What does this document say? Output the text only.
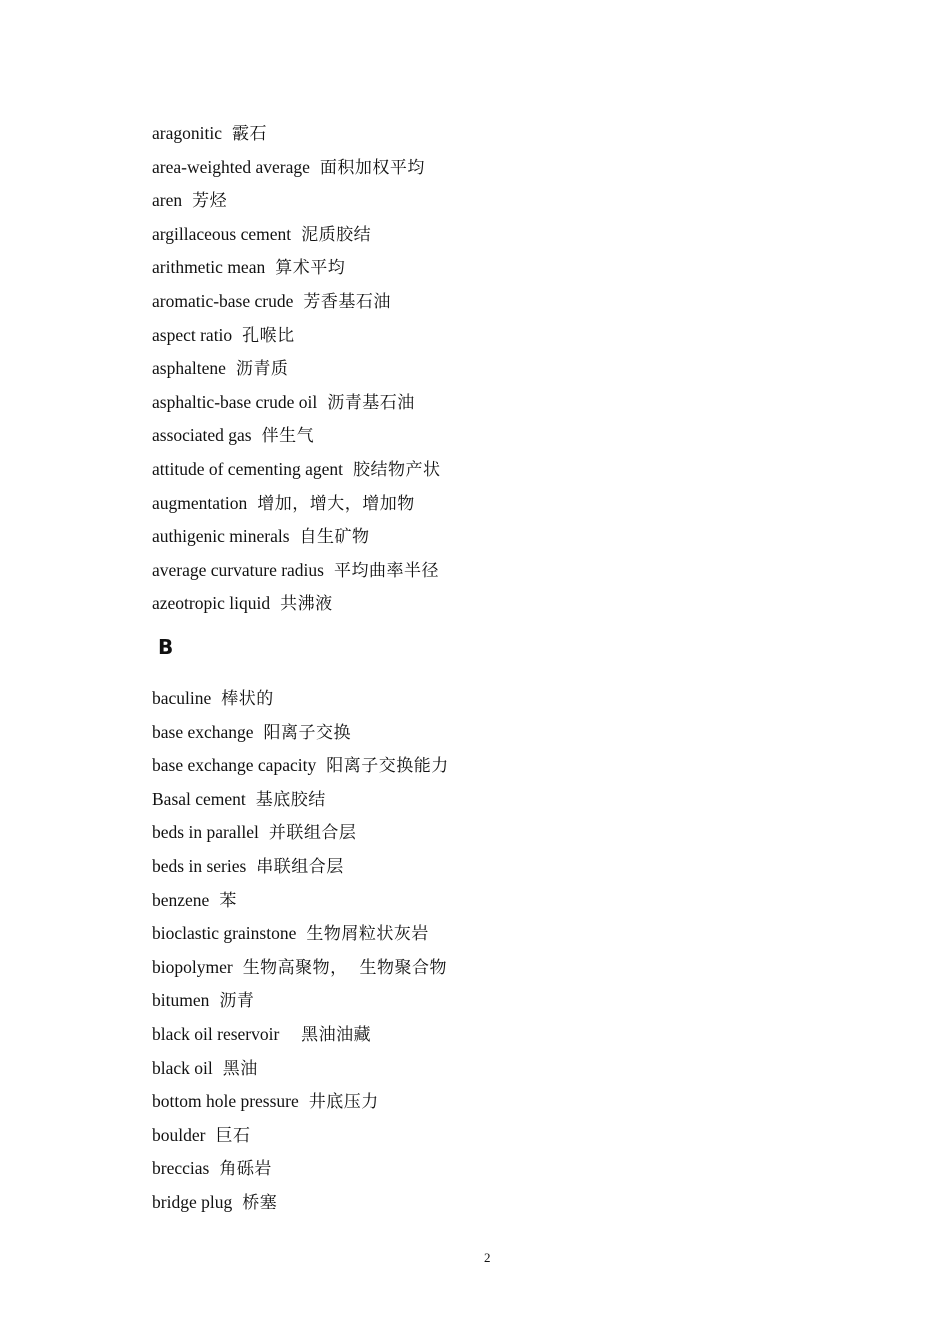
aragonitic 霰石
area-weighted average 面积加权平均
aren 芳烃
argillaceous cement 泥质胶结
arithmetic mean 算术平均
aromatic-base crude 芳香基石油
aspect ratio 孔喉比
asphaltene 沥青质
asphaltic-base crude oil 沥青基石油
associated gas 伴生气
attitude of cementing agent 胶结物产状
augmentation 增加，增大，增加物
authigenic minerals 自生矿物
average curvature radius 平均曲率半径
azeotropic liquid 共沸液
B
baculine 棒状的
base exchange 阳离子交换
base exchange capacity 阳离子交换能力
Basal cement 基底胶结
beds in parallel 并联组合层
beds in series 串联组合层
benzene 苯
bioclastic grainstone 生物屑粒状灰岩
biopolymer 生物高聚物，  生物聚合物
bitumen 沥青
black oil reservoir  黑油油藏
black oil 黑油
bottom hole pressure 井底压力
boulder 巨石
breccias 角砾岩
bridge plug 桥塞
2
